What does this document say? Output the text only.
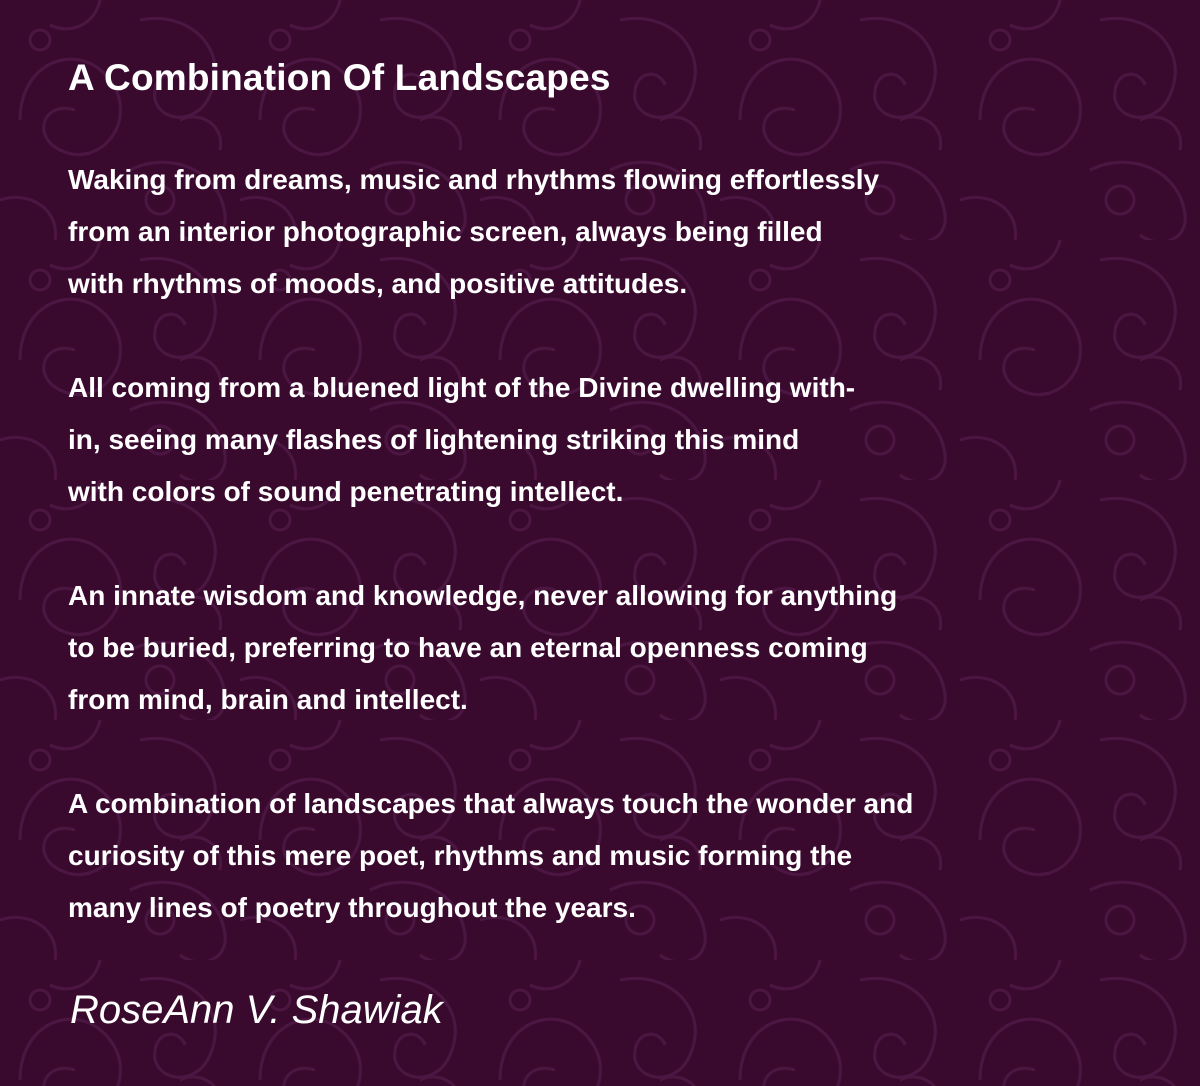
A Combination Of Landscapes
Waking from dreams, music and rhythms flowing effortlessly
from an interior photographic screen, always being filled
with rhythms of moods, and positive attitudes.
All coming from a bluened light of the Divine dwelling with-
in, seeing many flashes of lightening striking this mind
with colors of sound penetrating intellect.
An innate wisdom and knowledge, never allowing for anything
to be buried, preferring to have an eternal openness coming
from mind, brain and intellect.
A combination of landscapes that always touch the wonder and
curiosity of this mere poet, rhythms and music forming the
many lines of poetry throughout the years.

RoseAnn V. Shawiak
